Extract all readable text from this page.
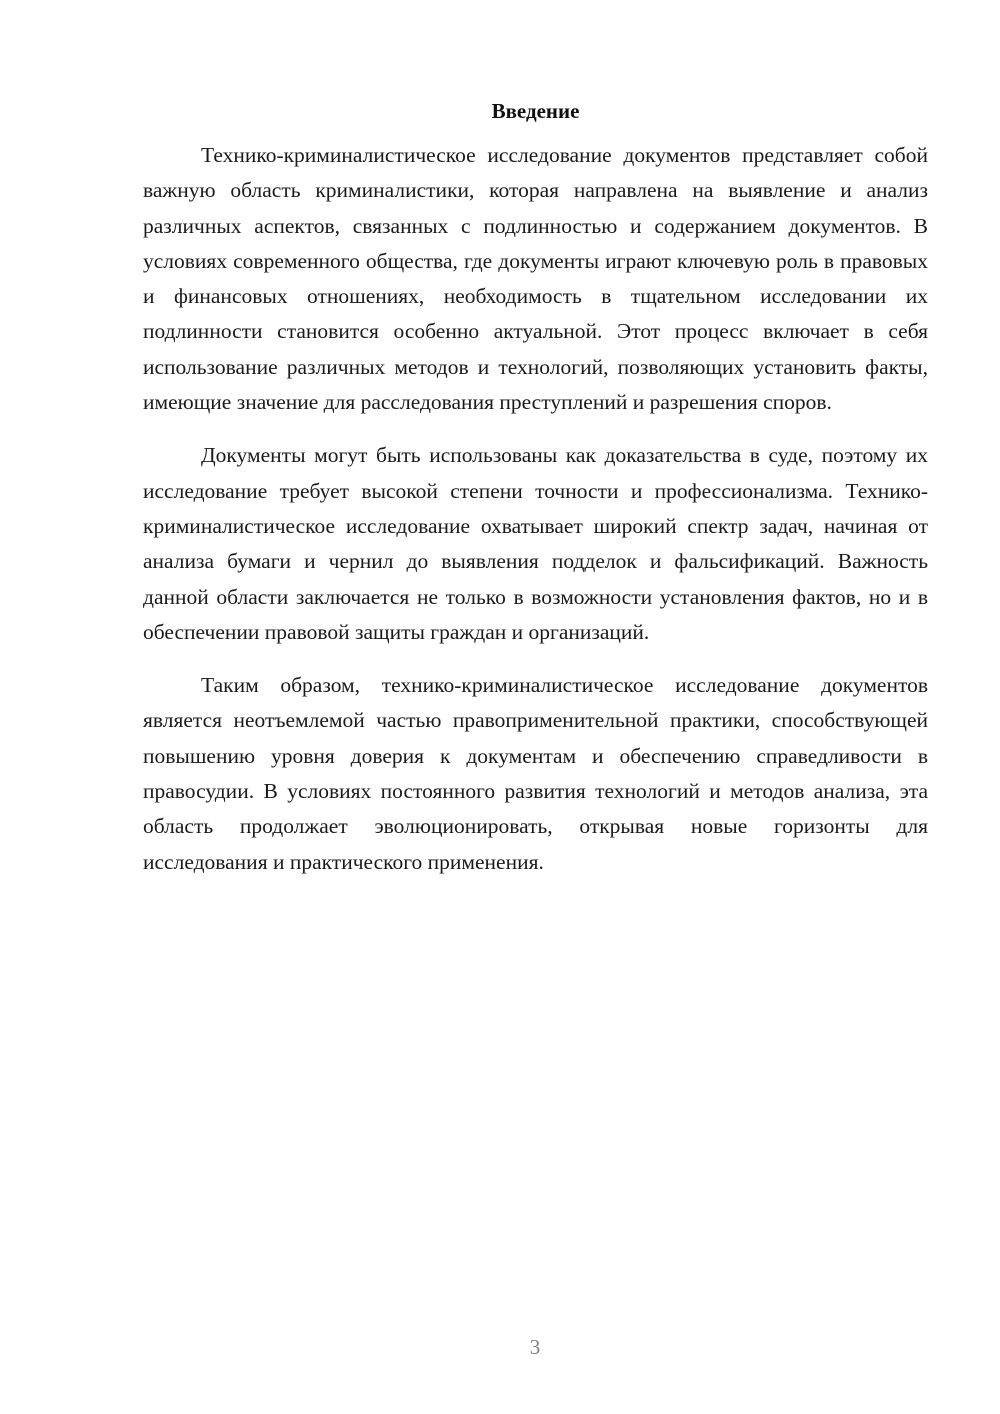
Введение

Технико-криминалистическое исследование документов представляет собой важную область криминалистики, которая направлена на выявление и анализ различных аспектов, связанных с подлинностью и содержанием документов. В условиях современного общества, где документы играют ключевую роль в правовых и финансовых отношениях, необходимость в тщательном исследовании их подлинности становится особенно актуальной. Этот процесс включает в себя использование различных методов и технологий, позволяющих установить факты, имеющие значение для расследования преступлений и разрешения споров.

Документы могут быть использованы как доказательства в суде, поэтому их исследование требует высокой степени точности и профессионализма. Технико-криминалистическое исследование охватывает широкий спектр задач, начиная от анализа бумаги и чернил до выявления подделок и фальсификаций. Важность данной области заключается не только в возможности установления фактов, но и в обеспечении правовой защиты граждан и организаций.

Таким образом, технико-криминалистическое исследование документов является неотъемлемой частью правоприменительной практики, способствующей повышению уровня доверия к документам и обеспечению справедливости в правосудии. В условиях постоянного развития технологий и методов анализа, эта область продолжает эволюционировать, открывая новые горизонты для исследования и практического применения.

3
